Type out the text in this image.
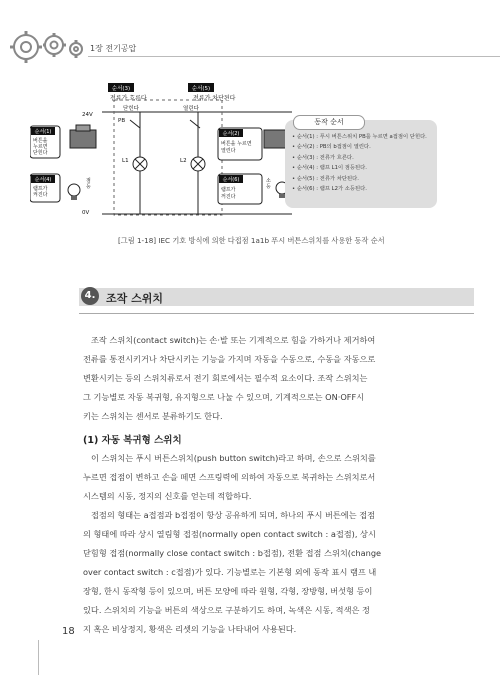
1장 전기공압
순서(3)
전류가 흐른다
순서(5)
전류가 차단된다
24V
0V
닫힌다	열린다
PB
L1	L2
순서(1)
버튼을
누르면
닫힌다
순서(4)
램프가
켜진다
점
등
순서(2)
버튼을 누르면
열린다
순서(6)
램프가
꺼진다
소
등
동작 순서
• 순서(1) : 푸시 버튼스위치 PB를 누르면 a접점이 닫힌다.
• 순서(2) : PB의 b접점이 열린다.
• 순서(3) : 전류가 흐른다.
• 순서(4) : 램프 L1이 점등된다.
• 순서(5) : 전류가 차단된다.
• 순서(6) : 램프 L2가 소등된다.
[그림 1-18] IEC 기호 방식에 의한 다접점 1a1b 푸시 버튼스위치를 사용한 동작 순서
4. 조작 스위치

조작 스위치(contact switch)는 손·발 또는 기계적으로 힘을 가하거나 제거하여
전류를 통전시키거나 차단시키는 기능을 가지며 자동을 수동으로, 수동을 자동으로
변환시키는 등의 스위치류로서 전기 회로에서는 필수적 요소이다. 조작 스위치는
그 기능별로 자동 복귀형, 유지형으로 나눌 수 있으며, 기계적으로는 ON·OFF시
키는 스위치는 센서로 분류하기도 한다.

(1) 자동 복귀형 스위치

이 스위치는 푸시 버튼스위치(push button switch)라고 하며, 손으로 스위치를
누르면 접점이 변하고 손을 떼면 스프링력에 의하여 자동으로 복귀하는 스위치로서
시스템의 시동, 정지의 신호를 얻는데 적합하다.
접점의 형태는 a접점과 b접점이 항상 공유하게 되며, 하나의 푸시 버튼에는 접점
의 형태에 따라 상시 열림형 접점(normally open contact switch : a접점), 상시
닫힘형 접점(normally close contact switch : b접점), 전환 접점 스위치(change
over contact switch : c접점)가 있다. 기능별로는 기본형 외에 동작 표시 램프 내
장형, 한시 동작형 등이 있으며, 버튼 모양에 따라 원형, 각형, 장방형, 버섯형 등이
있다. 스위치의 기능을 버튼의 색상으로 구분하기도 하며, 녹색은 시동, 적색은 정
지 혹은 비상정지, 황색은 리셋의 기능을 나타내어 사용된다.

18
